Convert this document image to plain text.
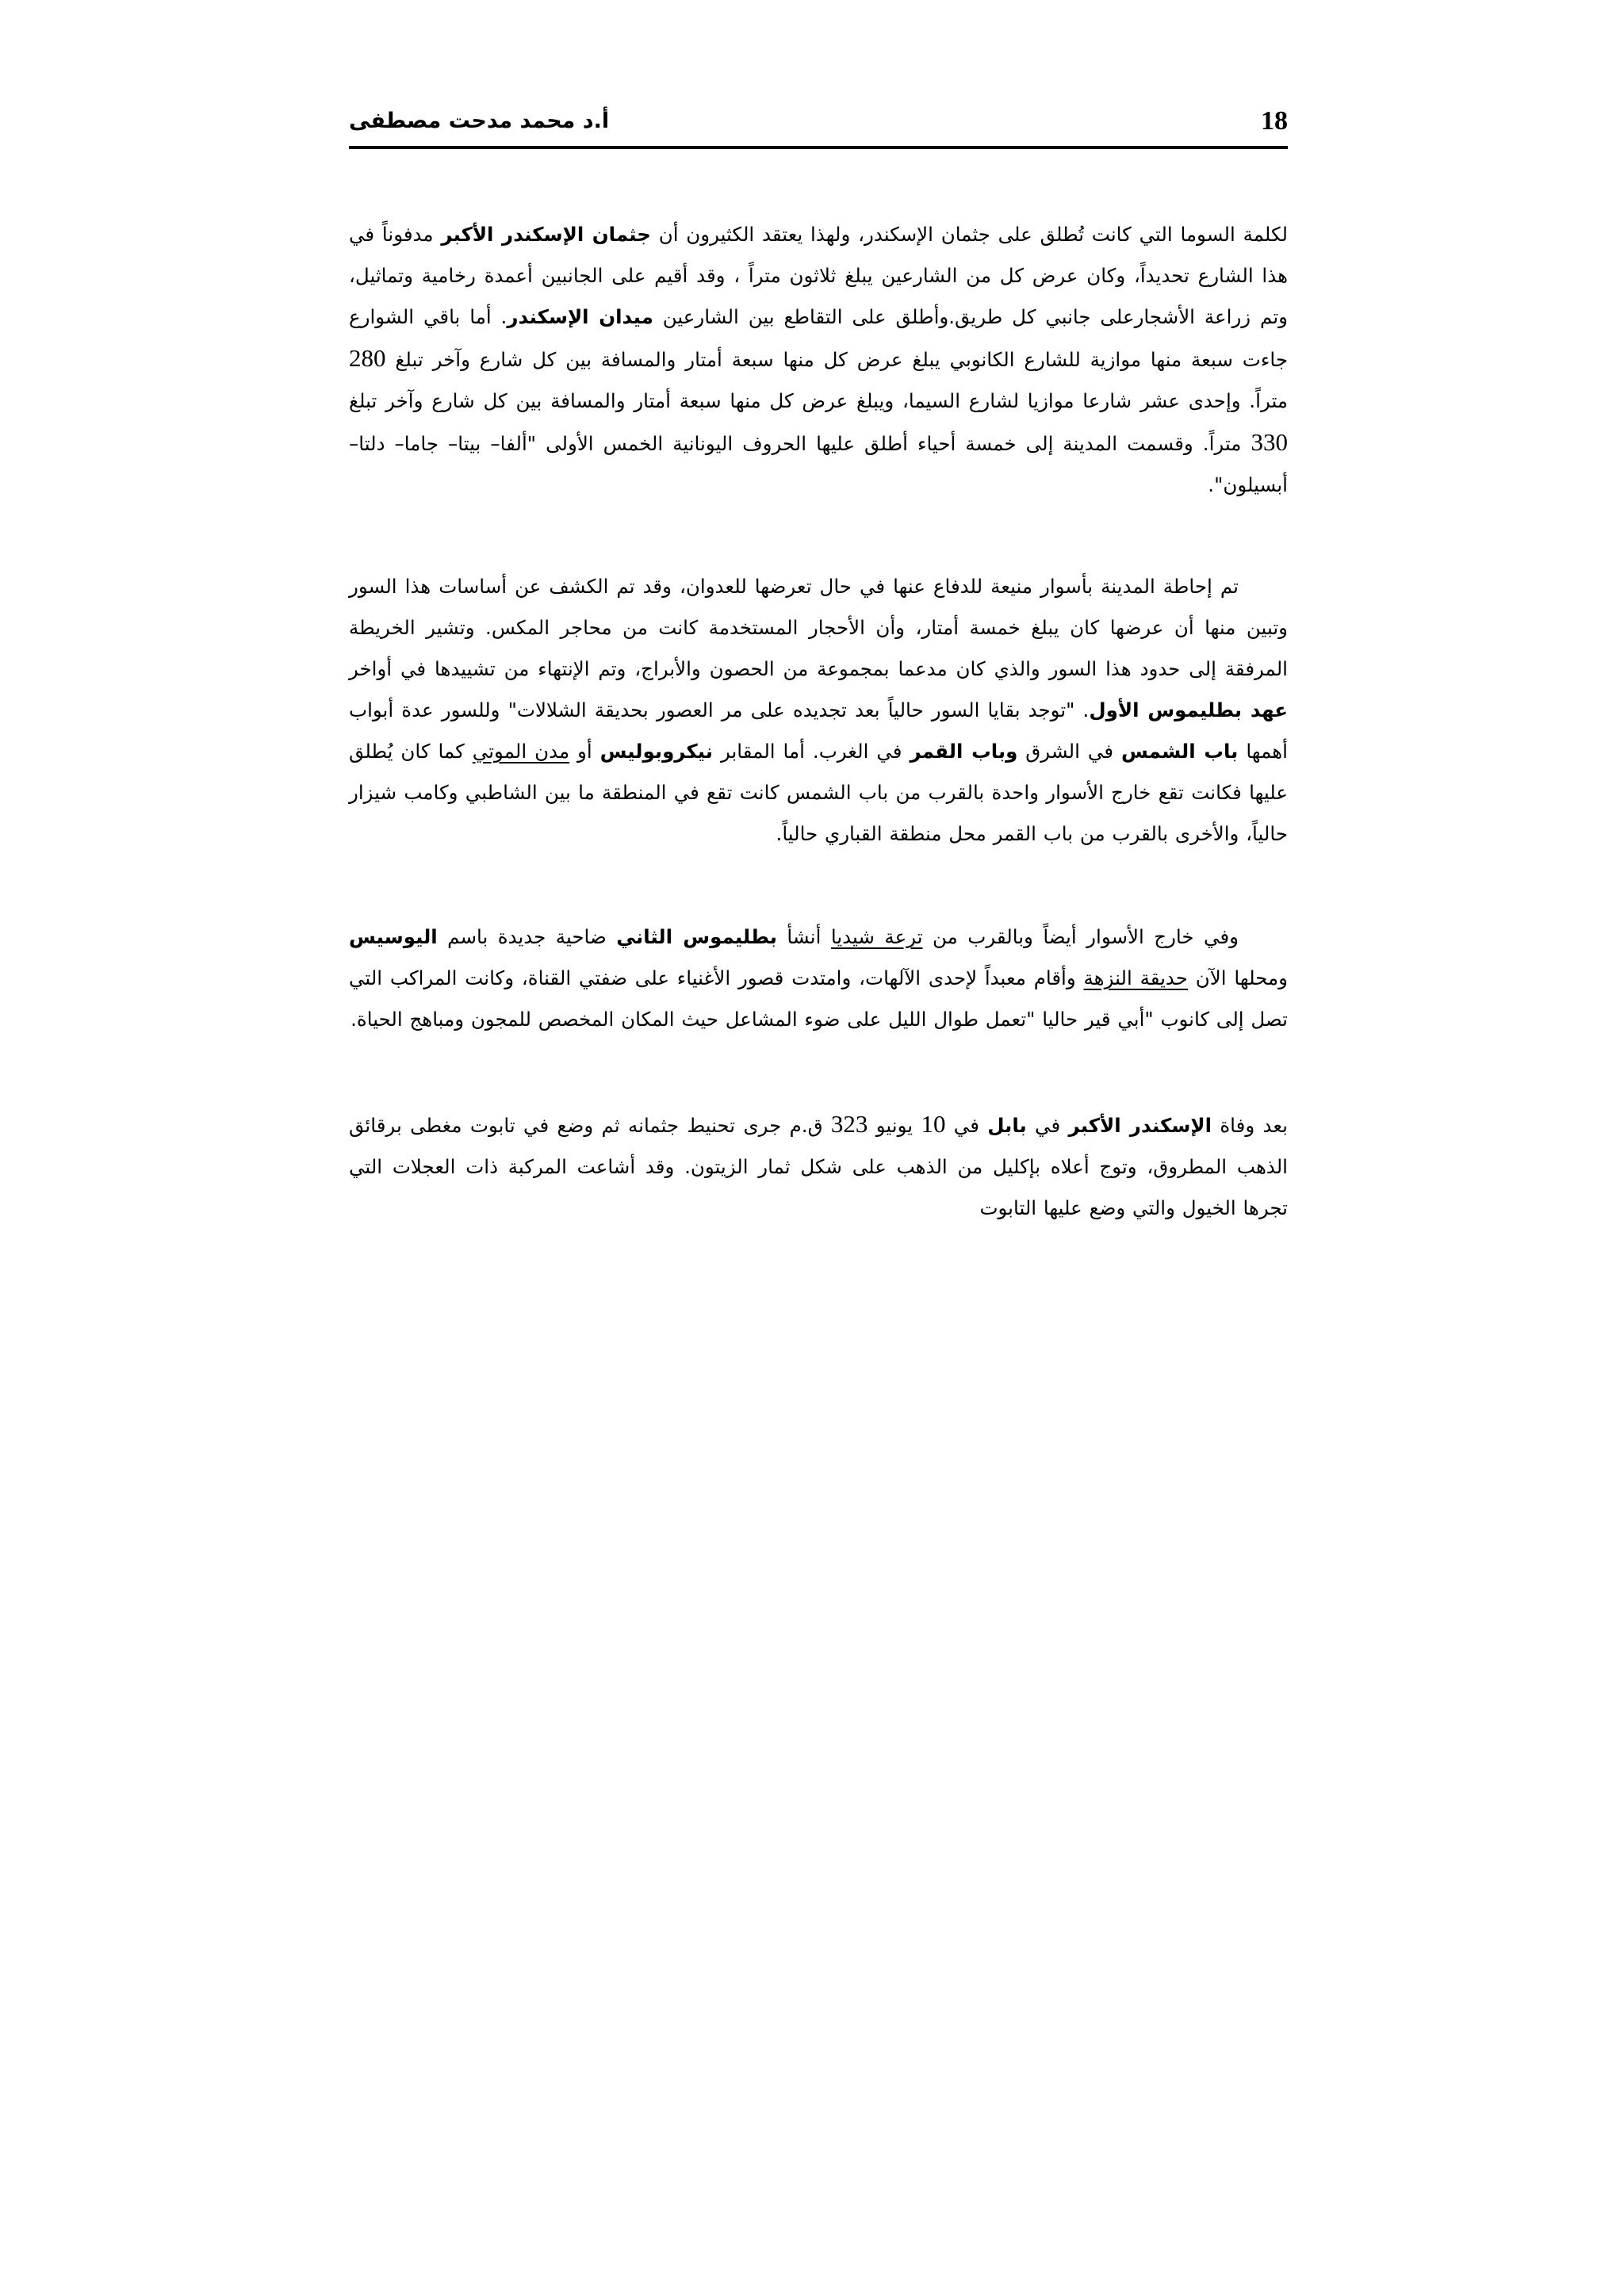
18
أ.د محمد مدحت مصطفى

لكلمة السوما التي كانت تُطلق على جثمان الإسكندر، ولهذا يعتقد الكثيرون أن جثمان الإسكندر الأكبر مدفوناً في هذا الشارع تحديداً، وكان عرض كل من الشارعين يبلغ ثلاثون متراً ، وقد أقيم على الجانبين أعمدة رخامية وتماثيل، وتم زراعة الأشجارعلى جانبي كل طريق.وأطلق على التقاطع بين الشارعين ميدان الإسكندر. أما باقي الشوارع جاءت سبعة منها موازية للشارع الكانوبي يبلغ عرض كل منها سبعة أمتار والمسافة بين كل شارع وآخر تبلغ 280 متراً. وإحدى عشر شارعا موازيا لشارع السيما، ويبلغ عرض كل منها سبعة أمتار والمسافة بين كل شارع وآخر تبلغ 330 متراً. وقسمت المدينة إلى خمسة أحياء أطلق عليها الحروف اليونانية الخمس الأولى "ألفا– بيتا– جاما– دلتا– أبسيلون".

تم إحاطة المدينة بأسوار منيعة للدفاع عنها في حال تعرضها للعدوان، وقد تم الكشف عن أساسات هذا السور وتبين منها أن عرضها كان يبلغ خمسة أمتار، وأن الأحجار المستخدمة كانت من محاجر المكس. وتشير الخريطة المرفقة إلى حدود هذا السور والذي كان مدعما بمجموعة من الحصون والأبراج، وتم الإنتهاء من تشييدها في أواخر عهد بطليموس الأول. "توجد بقايا السور حالياً بعد تجديده على مر العصور بحديقة الشلالات" وللسور عدة أبواب أهمها باب الشمس في الشرق وباب القمر في الغرب. أما المقابر نيكروبوليس أو مدن الموتي كما كان يُطلق عليها فكانت تقع خارج الأسوار واحدة بالقرب من باب الشمس كانت تقع في المنطقة ما بين الشاطبي وكامب شيزار حالياً، والأخرى بالقرب من باب القمر محل منطقة القباري حالياً.

وفي خارج الأسوار أيضاً وبالقرب من ترعة شيديا أنشأ بطليموس الثاني ضاحية جديدة باسم اليوسيس ومحلها الآن حديقة النزهة وأقام معبداً لإحدى الآلهات، وامتدت قصور الأغنياء على ضفتي القناة، وكانت المراكب التي تصل إلى كانوب "أبي قير حاليا "تعمل طوال الليل على ضوء المشاعل حيث المكان المخصص للمجون ومباهج الحياة.

بعد وفاة الإسكندر الأكبر في بابل في 10 يونيو 323 ق.م جرى تحنيط جثمانه ثم وضع في تابوت مغطى برقائق الذهب المطروق، وتوج أعلاه بإكليل من الذهب على شكل ثمار الزيتون. وقد أشاعت المركبة ذات العجلات التي تجرها الخيول والتي وضع عليها التابوت
